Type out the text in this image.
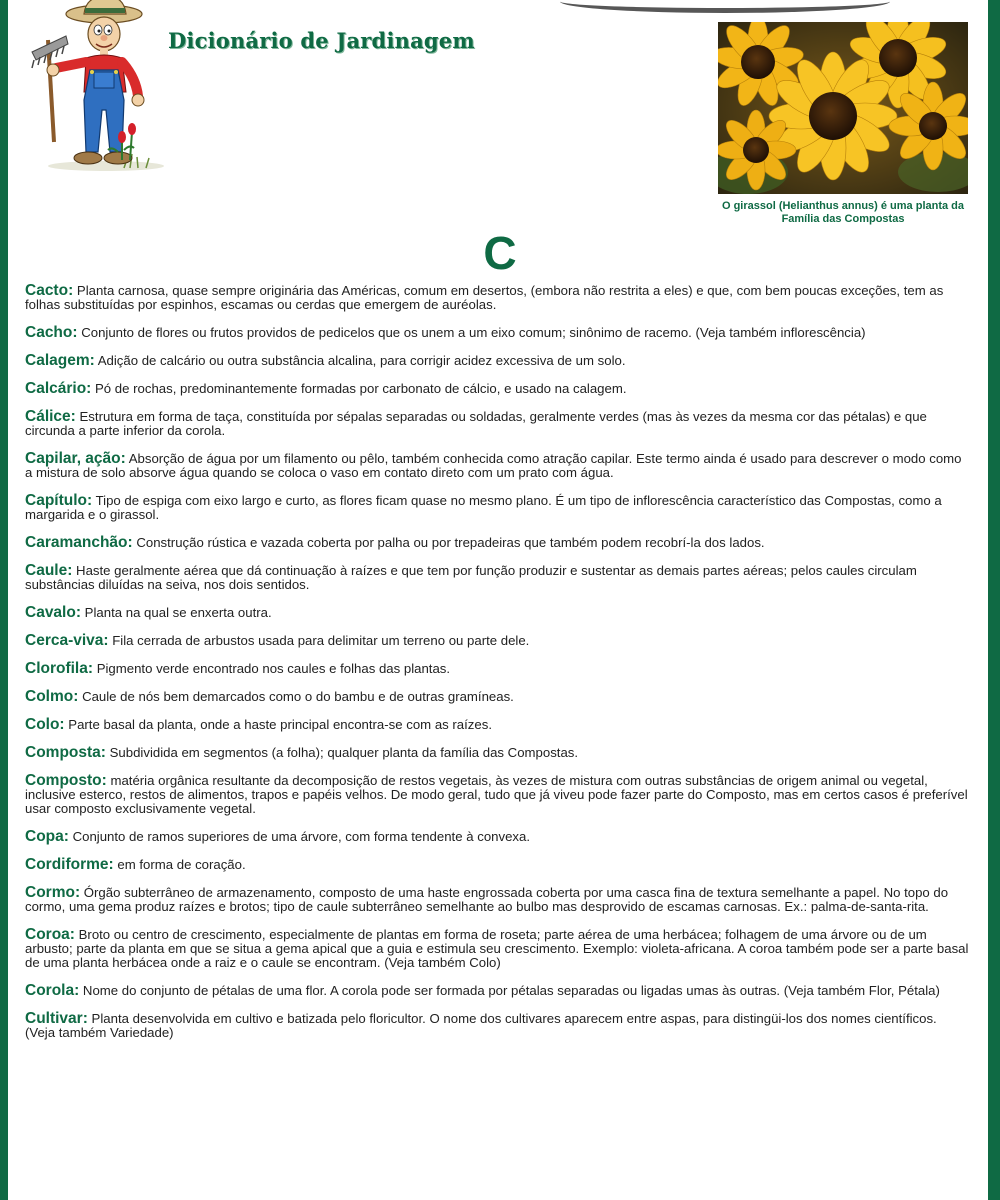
Dicionário de Jardinagem
O girassol (Helianthus annus) é uma planta da Família das Compostas
C
Cacto: Planta carnosa, quase sempre originária das Américas, comum em desertos, (embora não restrita a eles) e que, com bem poucas exceções, tem as folhas substituídas por espinhos, escamas ou cerdas que emergem de auréolas.
Cacho: Conjunto de flores ou frutos providos de pedicelos que os unem a um eixo comum; sinônimo de racemo. (Veja também inflorescência)
Calagem: Adição de calcário ou outra substância alcalina, para corrigir acidez excessiva de um solo.
Calcário: Pó de rochas, predominantemente formadas por carbonato de cálcio, e usado na calagem.
Cálice: Estrutura em forma de taça, constituída por sépalas separadas ou soldadas, geralmente verdes (mas às vezes da mesma cor das pétalas) e que circunda a parte inferior da corola.
Capilar, ação: Absorção de água por um filamento ou pêlo, também conhecida como atração capilar. Este termo ainda é usado para descrever o modo como a mistura de solo absorve água quando se coloca o vaso em contato direto com um prato com água.
Capítulo: Tipo de espiga com eixo largo e curto, as flores ficam quase no mesmo plano. É um tipo de inflorescência característico das Compostas, como a margarida e o girassol.
Caramanchão: Construção rústica e vazada coberta por palha ou por trepadeiras que também podem recobrí-la dos lados.
Caule: Haste geralmente aérea que dá continuação à raízes e que tem por função produzir e sustentar as demais partes aéreas; pelos caules circulam substâncias diluídas na seiva, nos dois sentidos.
Cavalo: Planta na qual se enxerta outra.
Cerca-viva: Fila cerrada de arbustos usada para delimitar um terreno ou parte dele.
Clorofila: Pigmento verde encontrado nos caules e folhas das plantas.
Colmo: Caule de nós bem demarcados como o do bambu e de outras gramíneas.
Colo: Parte basal da planta, onde a haste principal encontra-se com as raízes.
Composta: Subdividida em segmentos (a folha); qualquer planta da família das Compostas.
Composto: matéria orgânica resultante da decomposição de restos vegetais, às vezes de mistura com outras substâncias de origem animal ou vegetal, inclusive esterco, restos de alimentos, trapos e papéis velhos. De modo geral, tudo que já viveu pode fazer parte do Composto, mas em certos casos é preferível usar composto exclusivamente vegetal.
Copa: Conjunto de ramos superiores de uma árvore, com forma tendente à convexa.
Cordiforme: em forma de coração.
Cormo: Órgão subterrâneo de armazenamento, composto de uma haste engrossada coberta por uma casca fina de textura semelhante a papel. No topo do cormo, uma gema produz raízes e brotos; tipo de caule subterrâneo semelhante ao bulbo mas desprovido de escamas carnosas. Ex.: palma-de-santa-rita.
Coroa: Broto ou centro de crescimento, especialmente de plantas em forma de roseta; parte aérea de uma herbácea; folhagem de uma árvore ou de um arbusto; parte da planta em que se situa a gema apical que a guia e estimula seu crescimento. Exemplo: violeta-africana. A coroa também pode ser a parte basal de uma planta herbácea onde a raiz e o caule se encontram. (Veja também Colo)
Corola: Nome do conjunto de pétalas de uma flor. A corola pode ser formada por pétalas separadas ou ligadas umas às outras. (Veja também Flor, Pétala)
Cultivar: Planta desenvolvida em cultivo e batizada pelo floricultor. O nome dos cultivares aparecem entre aspas, para distingüi-los dos nomes científicos. (Veja também Variedade)
